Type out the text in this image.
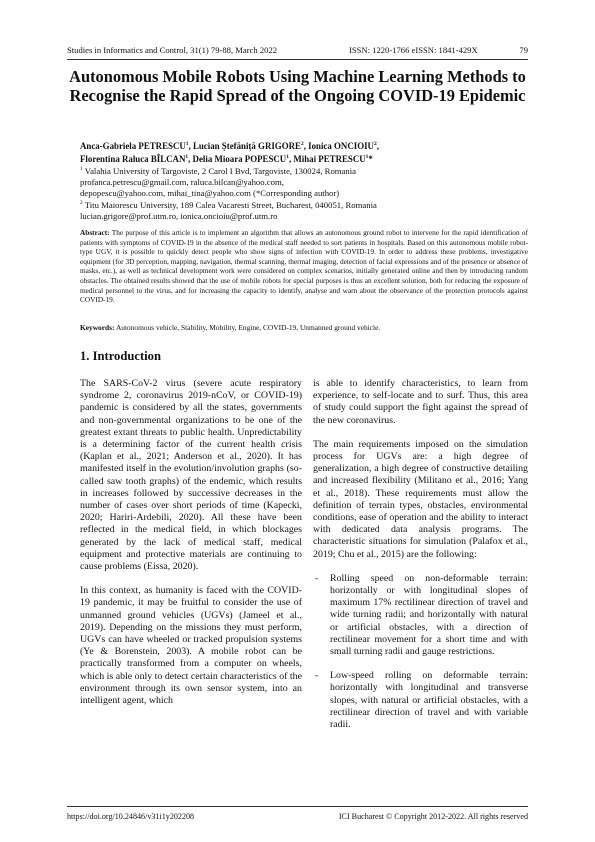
Studies in Informatics and Control, 31(1) 79-88, March 2022	ISSN: 1220-1766 eISSN: 1841-429X	79
Autonomous Mobile Robots Using Machine Learning Methods to Recognise the Rapid Spread of the Ongoing COVID-19 Epidemic
Anca-Gabriela PETRESCU$^1$, Lucian Ștefăniță GRIGORE$^2$, Ionica ONCIOIU$^2$,
Florentina Raluca BÎLCAN$^1$, Delia Mioara POPESCU$^1$, Mihai PETRESCU$^1$*
$^1$ Valahia University of Targoviste, 2 Carol I Bvd, Targoviste, 130024, Romania
profanca.petrescu@gmail.com, raluca.bilcan@yahoo.com,
depopescu@yahoo.com, mihai_tina@yahoo.com (*Corresponding author)
$^2$ Titu Maiorescu University, 189 Calea Vacaresti Street, Bucharest, 040051, Romania
lucian.grigore@prof.utm.ro, ionica.oncioiu@prof.utm.ro

Abstract: The purpose of this article is to implement an algorithm that allows an autonomous ground robot to intervene for the rapid identification of patients with symptoms of COVID-19 in the absence of the medical staff needed to sort patients in hospitals. Based on this autonomous mobile robot-type UGV, it is possible to quickly detect people who show signs of infection with COVID-19. In order to address these problems, investigative equipment (for 3D perception, mapping, navigation, thermal scanning, thermal imaging, detection of facial expressions and of the presence or absence of masks, etc.), as well as technical development work were considered on complex scenarios, initially generated online and then by introducing random obstacles. The obtained results showed that the use of mobile robots for special purposes is thus an excellent solution, both for reducing the exposure of medical personnel to the virus, and for increasing the capacity to identify, analyse and warn about the observance of the protection protocols against COVID-19.

Keywords: Autonomous vehicle, Stability, Mobility, Engine, COVID-19, Unmanned ground vehicle.

1. Introduction

The SARS-CoV-2 virus (severe acute respiratory syndrome 2, coronavirus 2019-nCoV, or COVID-19) pandemic is considered by all the states, governments and non-governmental organizations to be one of the greatest extant threats to public health. Unpredictability is a determining factor of the current health crisis (Kaplan et al., 2021; Anderson et al., 2020). It has manifested itself in the evolution/involution graphs (so-called saw tooth graphs) of the endemic, which results in increases followed by successive decreases in the number of cases over short periods of time (Kapecki, 2020; Hariri-Ardebili, 2020). All these have been reflected in the medical field, in which blockages generated by the lack of medical staff, medical equipment and protective materials are continuing to cause problems (Eissa, 2020).

In this context, as humanity is faced with the COVID-19 pandemic, it may be fruitful to consider the use of unmanned ground vehicles (UGVs) (Jameel et al., 2019). Depending on the missions they must perform, UGVs can have wheeled or tracked propulsion systems (Ye & Borenstein, 2003). A mobile robot can be practically transformed from a computer on wheels, which is able only to detect certain characteristics of the environment through its own sensor system, into an intelligent agent, which

is able to identify characteristics, to learn from experience, to self-locate and to surf. Thus, this area of study could support the fight against the spread of the new coronavirus.

The main requirements imposed on the simulation process for UGVs are: a high degree of generalization, a high degree of constructive detailing and increased flexibility (Militano et al., 2016; Yang et al., 2018). These requirements must allow the definition of terrain types, obstacles, environmental conditions, ease of operation and the ability to interact with dedicated data analysis programs. The characteristic situations for simulation (Palafox et al., 2019; Chu et al., 2015) are the following:

- Rolling speed on non-deformable terrain: horizontally or with longitudinal slopes of maximum 17% rectilinear direction of travel and wide turning radii; and horizontally with natural or artificial obstacles, with a direction of rectilinear movement for a short time and with small turning radii and gauge restrictions.
- Low-speed rolling on deformable terrain: horizontally with longitudinal and transverse slopes, with natural or artificial obstacles, with a rectilinear direction of travel and with variable radii.
https://doi.org/10.24846/v31i1y202208	ICI Bucharest © Copyright 2012-2022. All rights reserved
